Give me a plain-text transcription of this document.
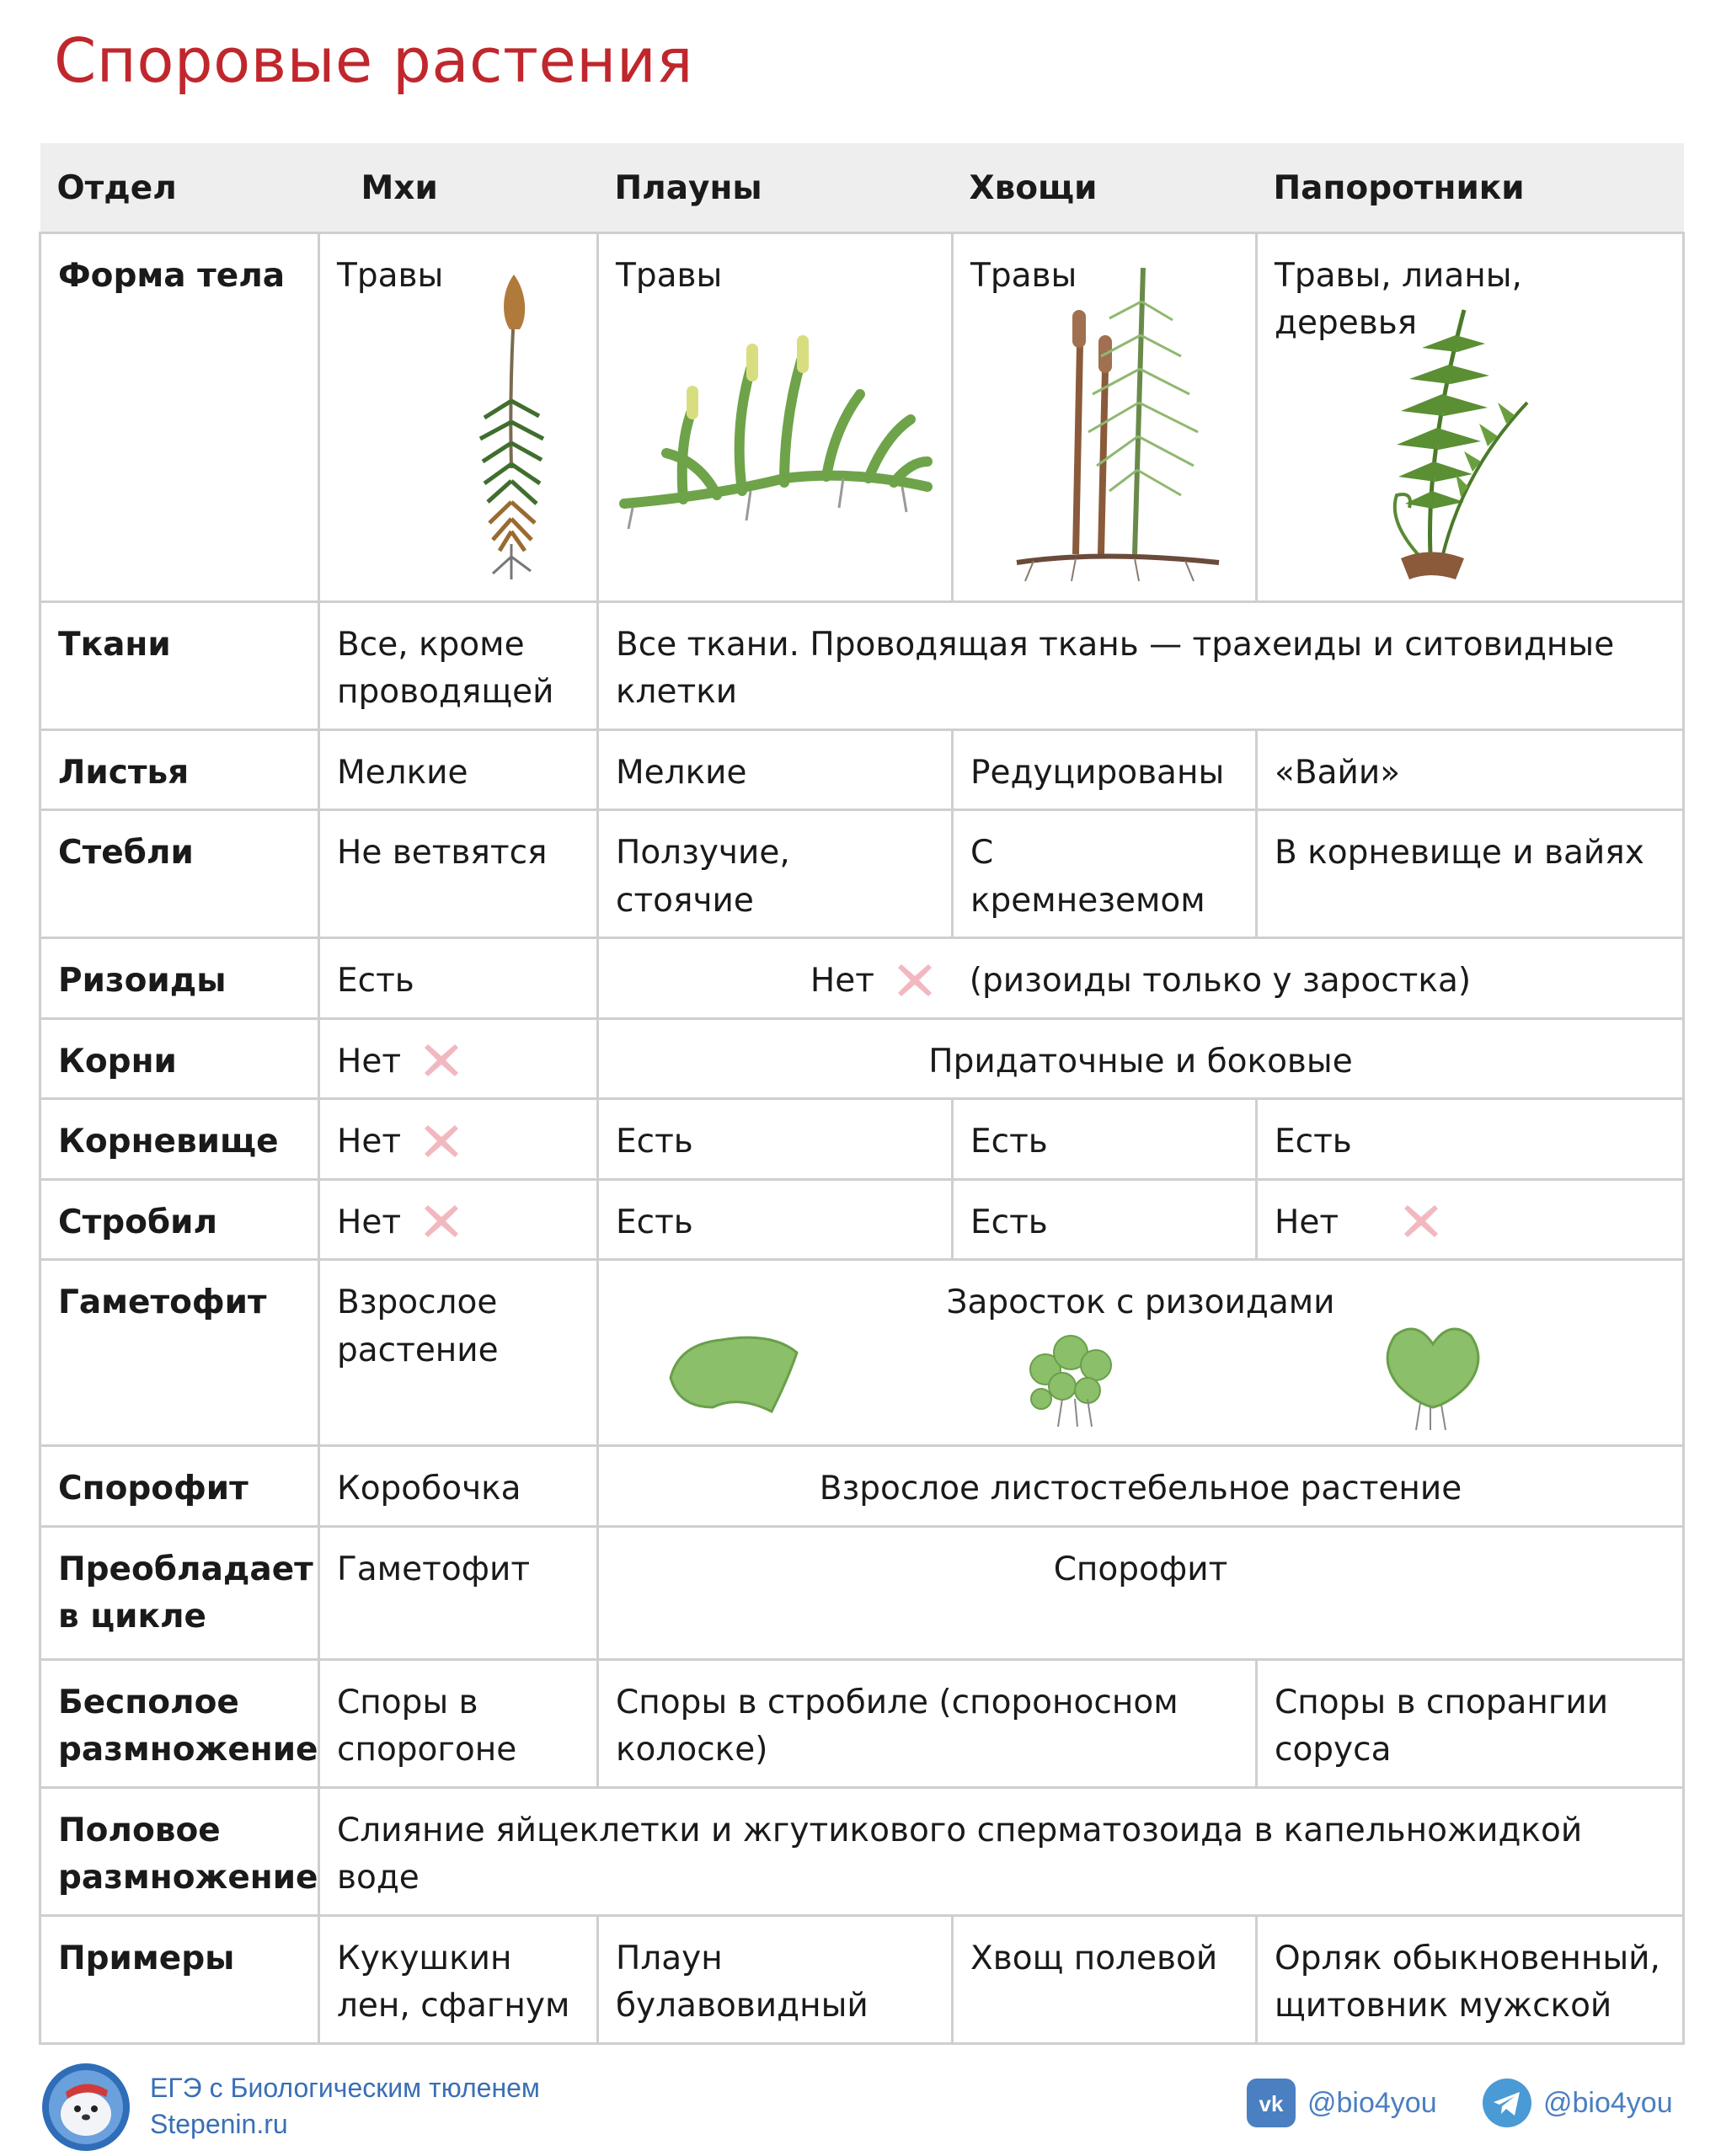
Споровые растения
Отдел	Мхи	Плауны	Хвощи	Папоротники
Форма тела	Травы	Травы	Травы	Травы, лианы, деревья

Ткани	Все, кроме проводящей	Все ткани. Проводящая ткань — трахеиды и ситовидные клетки		
Листья	Мелкие	Мелкие	Редуцированы	«Вайи»
Стебли	Не ветвятся	Ползучие, стоячие	С кремнеземом	В корневище и вайях
Ризоиды	Есть	Нет (ризоиды только у заростка)		
Корни	Нет	Придаточные и боковые		
Корневище	Нет	Есть	Есть	Есть
Стробил	Нет	Есть	Есть	Нет

Гаметофит	Взрослое растение	Заросток с ризоидами		

Спорофит	Коробочка	Взрослое листостебельное растение		
Преобладает в цикле	Гаметофит	Спорофит		
Бесполое размножение	Споры в спорогоне	Споры в стробиле (спороносном колоске)		Споры в спорангии соруса
Половое размножение	Слияние яйцеклетки и жгутикового сперматозоида в капельножидкой воде			
Примеры	Кукушкин лен, сфагнум	Плаун булавовидный	Хвощ полевой	Орляк обыкновенный, щитовник мужской
ЕГЭ с Биологическим тюленем
Stepenin.ru
vk @bio4you	@bio4you
